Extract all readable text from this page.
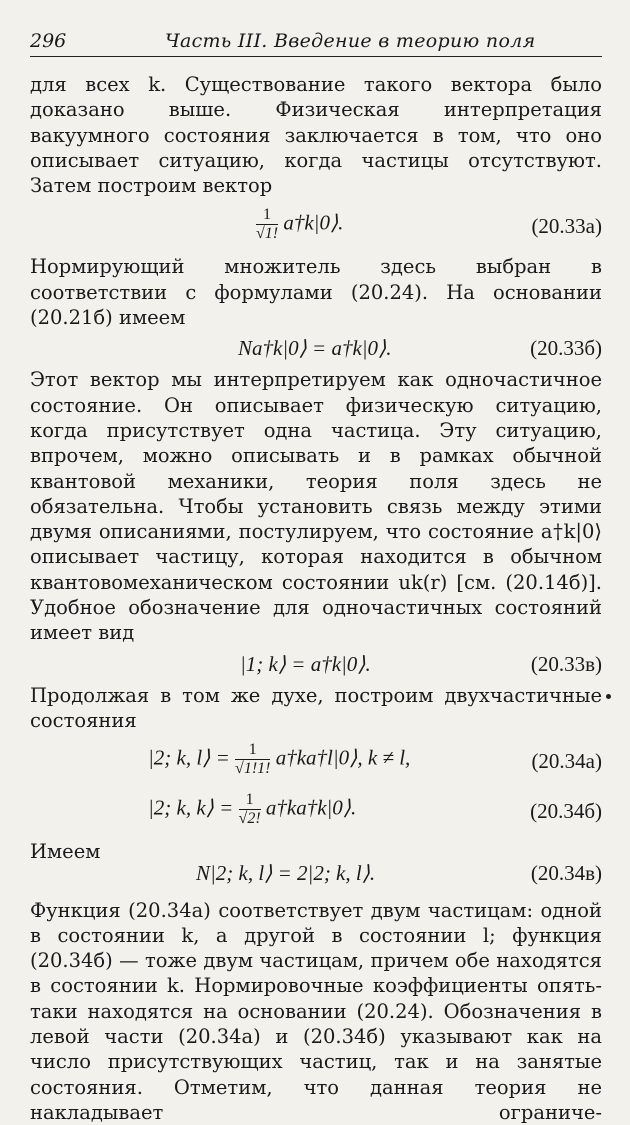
296	Часть III. Введение в теорию поля

для всех k. Существование такого вектора было доказано выше. Физическая интерпретация вакуумного состояния заключается в том, что оно описывает ситуацию, когда частицы отсутствуют. Затем построим вектор

$\frac{1}{√1!}$ a†k|0⟩.	(20.33а)

Нормирующий множитель здесь выбран в соответствии с формулами (20.24). На основании (20.21б) имеем

Na†k|0⟩ = a†k|0⟩.	(20.33б)

Этот вектор мы интерпретируем как одночастичное состояние. Он описывает физическую ситуацию, когда присутствует одна частица. Эту ситуацию, впрочем, можно описывать и в рамках обычной квантовой механики, теория поля здесь не обязательна. Чтобы установить связь между этими двумя описаниями, постулируем, что состояние a†k|0⟩ описывает частицу, которая находится в обычном квантовомеханическом состоянии uk(r) [см. (20.14б)]. Удобное обозначение для одночастичных состояний имеет вид

|1; k⟩ = a†k|0⟩.	(20.33в)

Продолжая в том же духе, построим двухчастичные состояния

|2; k, l⟩ = $\frac{1}{√1!1!}$ a†ka†l|0⟩, k ≠ l,	(20.34а)
|2; k, k⟩ = $\frac{1}{√2!}$ a†ka†k|0⟩.	(20.34б)

Имеем

N|2; k, l⟩ = 2|2; k, l⟩.	(20.34в)

Функция (20.34а) соответствует двум частицам: одной в состоянии k, а другой в состоянии l; функция (20.34б) — тоже двум частицам, причем обе находятся в состоянии k. Нормировочные коэффициенты опять-таки находятся на основании (20.24). Обозначения в левой части (20.34а) и (20.34б) указывают как на число присутствующих частиц, так и на занятые состояния. Отметим, что данная теория не накладывает ограниче-
